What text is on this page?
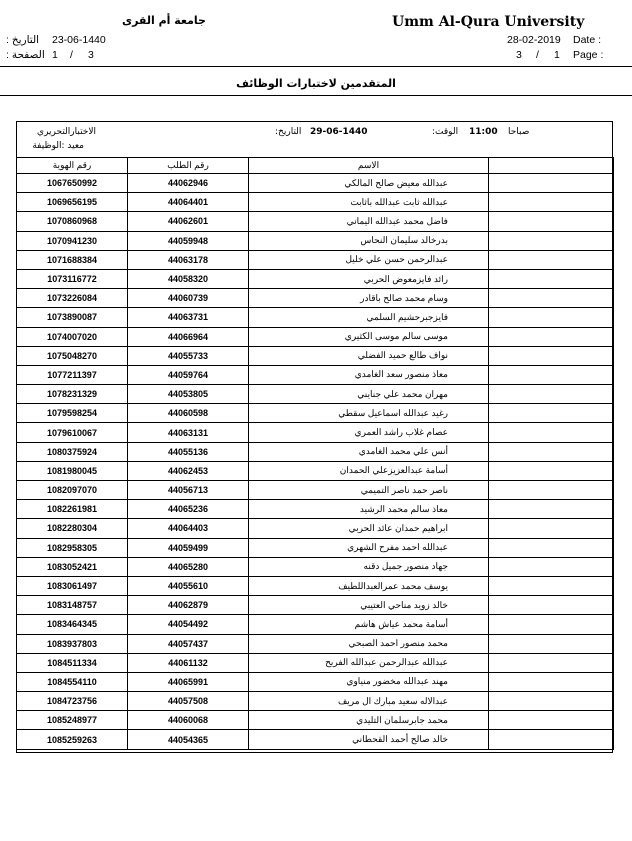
Umm Al-Qura University
جامعة أم القرى
التاريخ : 23-06-1440
الصفحة : 1 / 3
28-02-2019 Date :
3 / 1 Page :
المتقدمين لاختبارات الوظائف
الاختبارالتحريري
معيد :الوظيفة
:التاريخ 29-06-1440	:الوقت 11:00 صباحا
رقم الهوية	رقم الطلب	الاسم	
1067650992	44062946	عبدالله معيض صالح المالكي	
1069656195	44064401	عبدالله ثابت عبدالله باثابت	
1070860968	44062601	فاضل محمد عبدالله اليماني	
1070941230	44059948	بدرخالد سليمان النحاس	
1071688384	44063178	عبدالرحمن حسن علي خليل	
1073116772	44058320	رائد فايزمعوض الحربي	
1073226084	44060739	وسام محمد صالح باقادر	
1073890087	44063731	فايزجبرحشيم السلمي	
1074007020	44066964	موسى سالم موسى الكثيري	
1075048270	44055733	نواف طالع حميد الفضلي	
1077211397	44059764	معاذ منصور سعد الغامدي	
1078231329	44053805	مهران محمد علي جنايني	
1079598254	44060598	رغيد عبدالله اسماعيل سقطي	
1079610067	44063131	عصام غلاب راشد العمري	
1080375924	44055136	أنس علي محمد الغامدي	
1081980045	44062453	أسامة عبدالعزيزعلي الحمدان	
1082097070	44056713	ناصر حمد ناصر التميمي	
1082261981	44065236	معاذ سالم محمد الرشيد	
1082280304	44064403	ابراهيم حمدان عائد الحربي	
1082958305	44059499	عبدالله احمد مفرح الشهري	
1083052421	44065280	جهاد منصور جميل دقنه	
1083061497	44055610	يوسف محمد عمرالعبداللطيف	
1083148757	44062879	خالد زويد مناحي العتيبي	
1083464345	44054492	أسامة محمد عياش هاشم	
1083937803	44057437	محمد منصور احمد الصبحي	
1084511334	44061132	عبدالله عبدالرحمن عبدالله الفريح	
1084554110	44065991	مهند عبدالله مخضور منياوي	
1084723756	44057508	عبدالاله سعيد مبارك ال مريف	
1085248977	44060068	محمد جابرسلمان التليدي	
1085259263	44054365	خالد صالح أحمد القحطاني	
